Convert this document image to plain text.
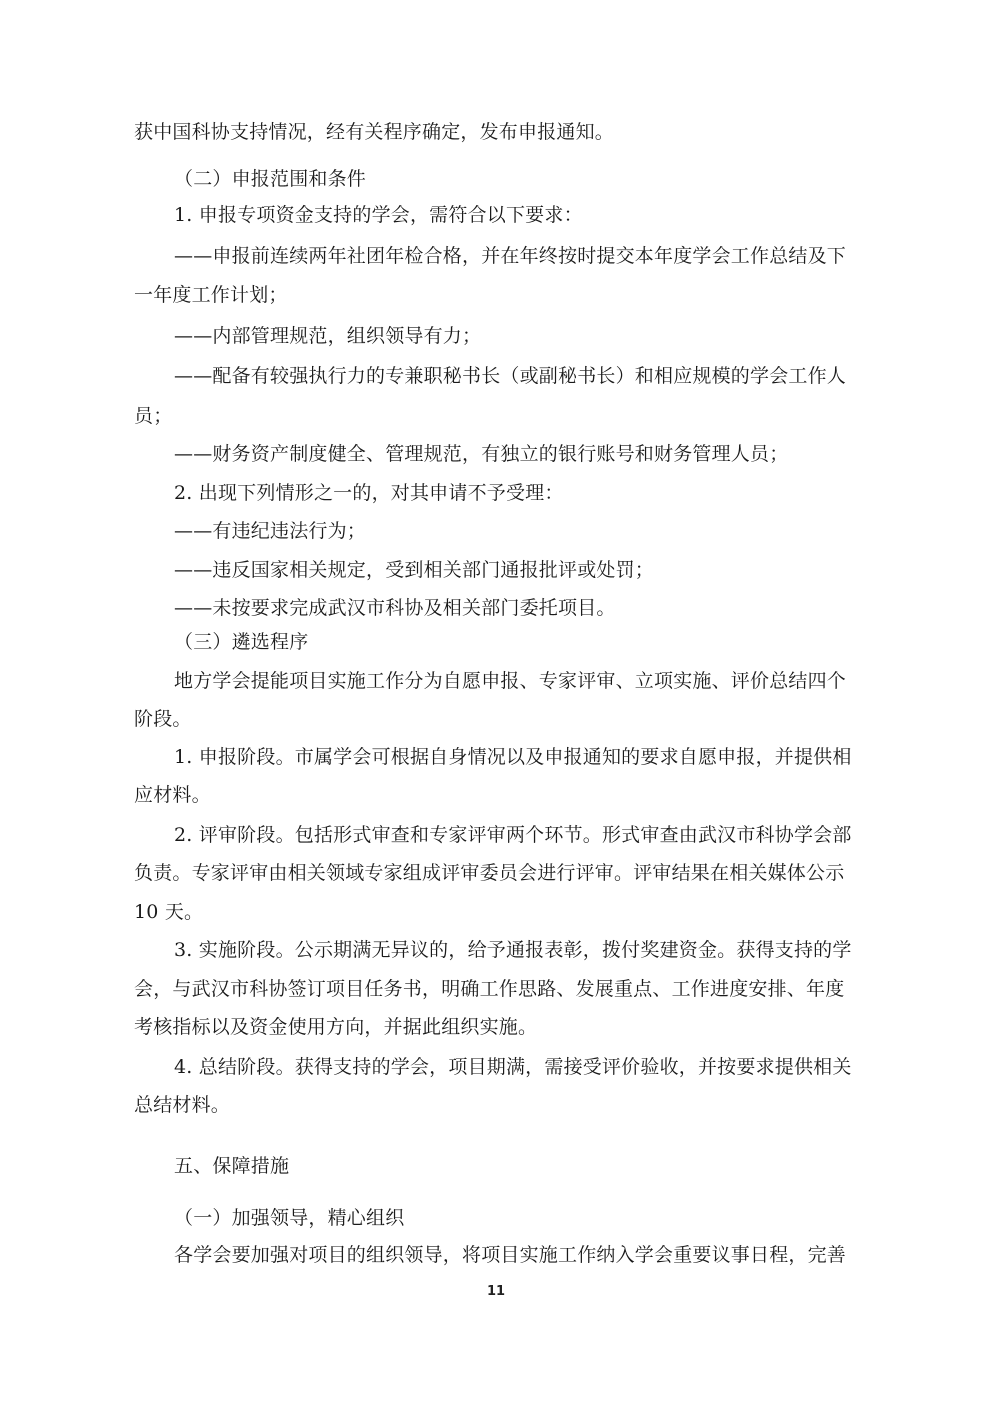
获中国科协支持情况，经有关程序确定，发布申报通知。
（二）申报范围和条件
1. 申报专项资金支持的学会，需符合以下要求：
——申报前连续两年社团年检合格，并在年终按时提交本年度学会工作总结及下
一年度工作计划；
——内部管理规范，组织领导有力；
——配备有较强执行力的专兼职秘书长（或副秘书长）和相应规模的学会工作人
员；
——财务资产制度健全、管理规范，有独立的银行账号和财务管理人员；
2. 出现下列情形之一的，对其申请不予受理：
——有违纪违法行为；
——违反国家相关规定，受到相关部门通报批评或处罚；
——未按要求完成武汉市科协及相关部门委托项目。
（三）遴选程序
地方学会提能项目实施工作分为自愿申报、专家评审、立项实施、评价总结四个
阶段。
1. 申报阶段。市属学会可根据自身情况以及申报通知的要求自愿申报，并提供相
应材料。
2. 评审阶段。包括形式审查和专家评审两个环节。形式审查由武汉市科协学会部
负责。专家评审由相关领域专家组成评审委员会进行评审。评审结果在相关媒体公示
10 天。
3. 实施阶段。公示期满无异议的，给予通报表彰，拨付奖建资金。获得支持的学
会，与武汉市科协签订项目任务书，明确工作思路、发展重点、工作进度安排、年度
考核指标以及资金使用方向，并据此组织实施。
4. 总结阶段。获得支持的学会，项目期满，需接受评价验收，并按要求提供相关
总结材料。
五、保障措施
（一）加强领导，精心组织
各学会要加强对项目的组织领导，将项目实施工作纳入学会重要议事日程，完善
11
